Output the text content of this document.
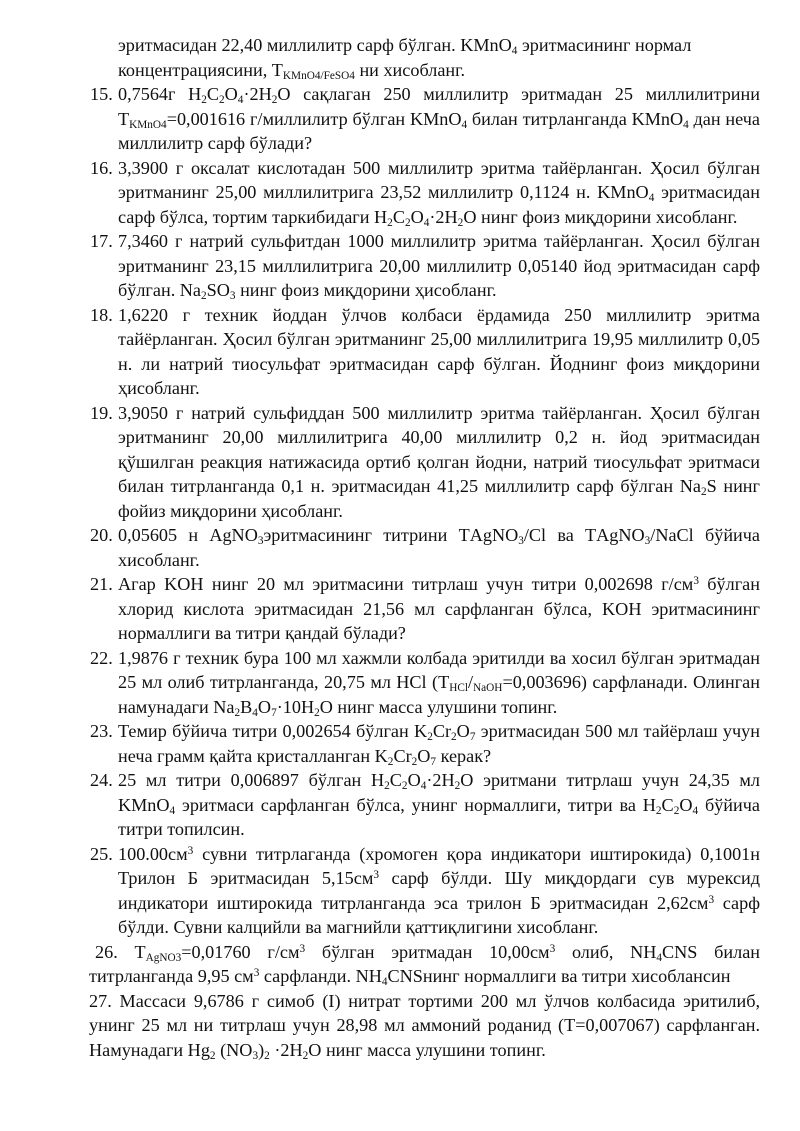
эритмасидан 22,40 миллилитр сарф бўлган. KMnO$_4$ эритмасининг нормал
концентрациясини, $Т_{KMnO4/FeSO4}$ ни хисобланг.

15. 0,7564г $Н_2С_2О_4\cdot 2Н_2О$ сақлаган 250 миллилитр эритмадан 25 миллилитрини $Т_{KMnO4}=0,001616$ г/миллилитр бўлган KMnO$_4$ билан титрланганда KMnO$_4$ дан неча миллилитр сарф бўлади?
16. 3,3900 г оксалат кислотадан 500 миллилитр эритма тайёрланган. Ҳосил бўлган эритманинг 25,00 миллилитрига 23,52 миллилитр 0,1124 н. KMnO$_4$ эритмасидан сарф бўлса, тортим таркибидаги $Н_2С_2О_4\cdot 2Н_2О$ нинг фоиз миқдорини хисобланг.
17. 7,3460 г натрий сульфитдан 1000 миллилитр эритма тайёрланган. Ҳосил бўлган эритманинг 23,15 миллилитрига 20,00 миллилитр 0,05140 йод эритмасидан сарф бўлган. $Na_2SO_3$ нинг фоиз миқдорини ҳисобланг.
18. 1,6220 г техник йоддан ўлчов колбаси ёрдамида 250 миллилитр эритма тайёрланган. Ҳосил бўлган эритманинг 25,00 миллилитрига 19,95 миллилитр 0,05 н. ли натрий тиосульфат эритмасидан сарф бўлган. Йоднинг фоиз миқдорини ҳисобланг.
19. 3,9050 г натрий сульфиддан 500 миллилитр эритма тайёрланган. Ҳосил бўлган эритманинг 20,00 миллилитрига 40,00 миллилитр 0,2 н. йод эритмасидан қўшилган реакция натижасида ортиб қолган йодни, натрий тиосульфат эритмаси билан титрланганда 0,1 н. эритмасидан 41,25 миллилитр сарф бўлган $Na_2S$ нинг фойиз миқдорини ҳисобланг.
20. 0,05605 н AgNO$_3$эритмасининг титрини ТAgNO$_3$/Cl ва ТAgNO$_3$/NaCl бўйича хисобланг.
21. Агар KOH нинг 20 мл эритмасини титрлаш учун титри 0,002698 $г/см^3$ бўлган хлорид кислота эритмасидан 21,56 мл сарфланган бўлса, KOH эритмасининг нормаллиги ва титри қандай бўлади?
22. 1,9876 г техник бура 100 мл хажмли колбада эритилди ва хосил бўлган эритмадан 25 мл олиб титрланганда, 20,75 мл HCl $(Т_{HCl}/_{NaOH}=0,003696)$ сарфланади. Олинган намунадаги $Na_2B_4O_7\cdot 10H_2O$ нинг масса улушини топинг.
23. Темир бўйича титри 0,002654 бўлган $K_2Cr_2O_7$ эритмасидан 500 мл тайёрлаш учун неча грамм қайта кристалланган $K_2Cr_2O_7$ керак?
24. 25 мл титри 0,006897 бўлган $H_2C_2O_4\cdot 2H_2O$ эритмани титрлаш учун 24,35 мл KMnO$_4$ эритмаси сарфланган бўлса, унинг нормаллиги, титри ва $H_2C_2O_4$ бўйича титри топилсин.
25. $100.00см^3$ сувни титрлаганда (хромоген қора индикатори иштирокида) 0,1001н Трилон Б эритмасидан $5,15см^3$ сарф бўлди. Шу миқдордаги сув мурексид индикатори иштирокида титрланганда эса трилон Б эритмасидан $2,62см^3$ сарф бўлди. Сувни калцийли ва магнийли қаттиқлигини хисобланг.

26. $Т_{AgNO3}=0,01760$ $г/см^3$ бўлган эритмадан $10,00см^3$ олиб, $NH_4CNS$ билан титрланганда 9,95 $см^3$ сарфланди. $NH_4CNSнинг$ нормаллиги ва титри хисоблансин

27. Массаси 9,6786 г симоб (I) нитрат тортими 200 мл ўлчов колбасида эритилиб, унинг 25 мл ни титрлаш учун 28,98 мл аммоний роданид (Т=0,007067) сарфланган. Намунадаги $Hg_2$ $(NO_3)_2 \cdot 2H_2O$ нинг масса улушини топинг.
